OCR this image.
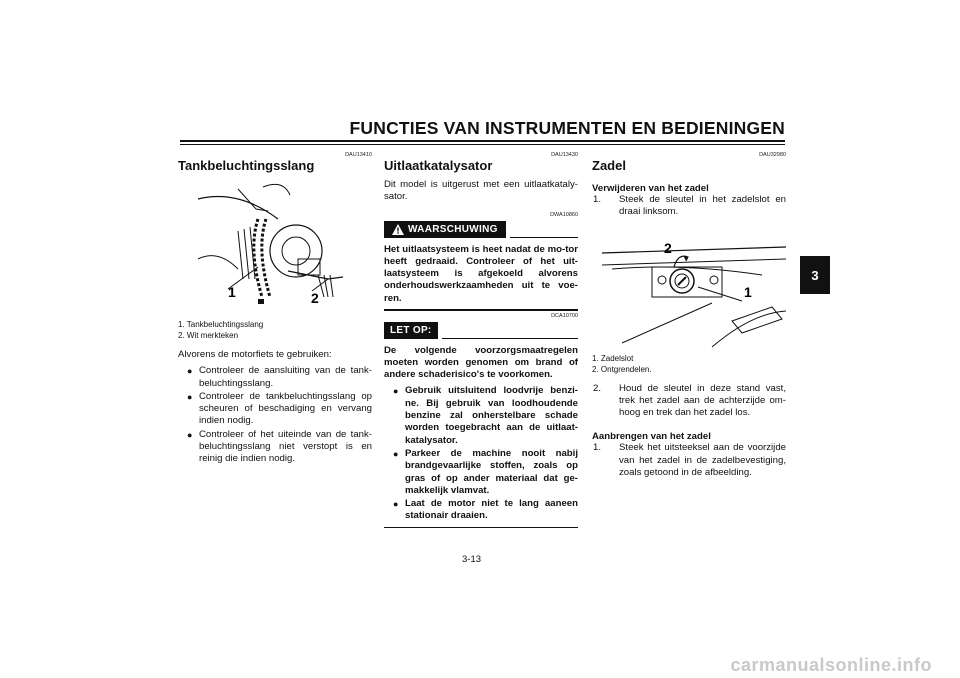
FUNCTIES VAN INSTRUMENTEN EN BEDIENINGEN
3
DAU13410
Tankbeluchtingsslang
1	2
1. Tankbeluchtingsslang
2. Wit merkteken

Alvorens de motorfiets te gebruiken:

● Controleer de aansluiting van de tank-beluchtingsslang.
● Controleer de tankbeluchtingsslang op scheuren of beschadiging en vervang indien nodig.
● Controleer of het uiteinde van de tank-beluchtingsslang niet verstopt is en reinig die indien nodig.
DAU13430
Uitlaatkatalysator

Dit model is uitgerust met een uitlaatkataly-sator.

DWA10860
WAARSCHUWING

Het uitlaatsysteem is heet nadat de mo-tor heeft gedraaid. Controleer of het uit-laatsysteem is afgekoeld alvorens onderhoudswerkzaamheden uit te voe-ren.

DCA10700
LET OP:

De volgende voorzorgsmaatregelen moeten worden genomen om brand of andere schaderisico's te voorkomen.

● Gebruik uitsluitend loodvrije benzi-ne. Bij gebruik van loodhoudende benzine zal onherstelbare schade worden toegebracht aan de uitlaat-katalysator.
● Parkeer de machine nooit nabij brandgevaarlijke stoffen, zoals op gras of op ander materiaal dat ge-makkelijk vlamvat.
● Laat de motor niet te lang aaneen stationair draaien.
DAU32980
Zadel
Verwijderen van het zadel

1. Steek de sleutel in het zadelslot en draai linksom.

2
1
1. Zadelslot
2. Ontgrendelen.

2. Houd de sleutel in deze stand vast, trek het zadel aan de achterzijde om-hoog en trek dan het zadel los.

Aanbrengen van het zadel

1. Steek het uitsteeksel aan de voorzijde van het zadel in de zadelbevestiging, zoals getoond in de afbeelding.

3-13
carmanualsonline.info
